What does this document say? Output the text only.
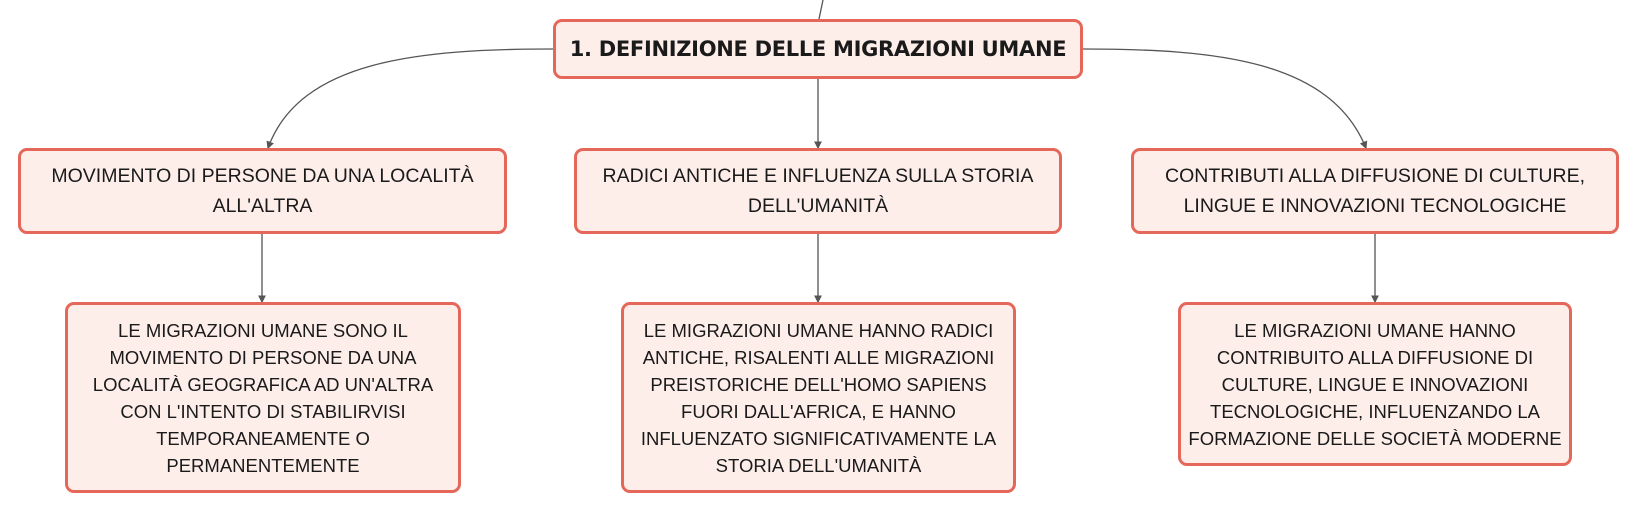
1. DEFINIZIONE DELLE MIGRAZIONI UMANE
MOVIMENTO DI PERSONE DA UNA LOCALITÀ ALL'ALTRA
RADICI ANTICHE E INFLUENZA SULLA STORIA DELL'UMANITÀ
CONTRIBUTI ALLA DIFFUSIONE DI CULTURE, LINGUE E INNOVAZIONI TECNOLOGICHE
LE MIGRAZIONI UMANE SONO IL MOVIMENTO DI PERSONE DA UNA LOCALITÀ GEOGRAFICA AD UN'ALTRA CON L'INTENTO DI STABILIRVISI TEMPORANEAMENTE O PERMANENTEMENTE
LE MIGRAZIONI UMANE HANNO RADICI ANTICHE, RISALENTI ALLE MIGRAZIONI PREISTORICHE DELL'HOMO SAPIENS FUORI DALL'AFRICA, E HANNO INFLUENZATO SIGNIFICATIVAMENTE LA STORIA DELL'UMANITÀ
LE MIGRAZIONI UMANE HANNO CONTRIBUITO ALLA DIFFUSIONE DI CULTURE, LINGUE E INNOVAZIONI TECNOLOGICHE, INFLUENZANDO LA FORMAZIONE DELLE SOCIETÀ MODERNE
